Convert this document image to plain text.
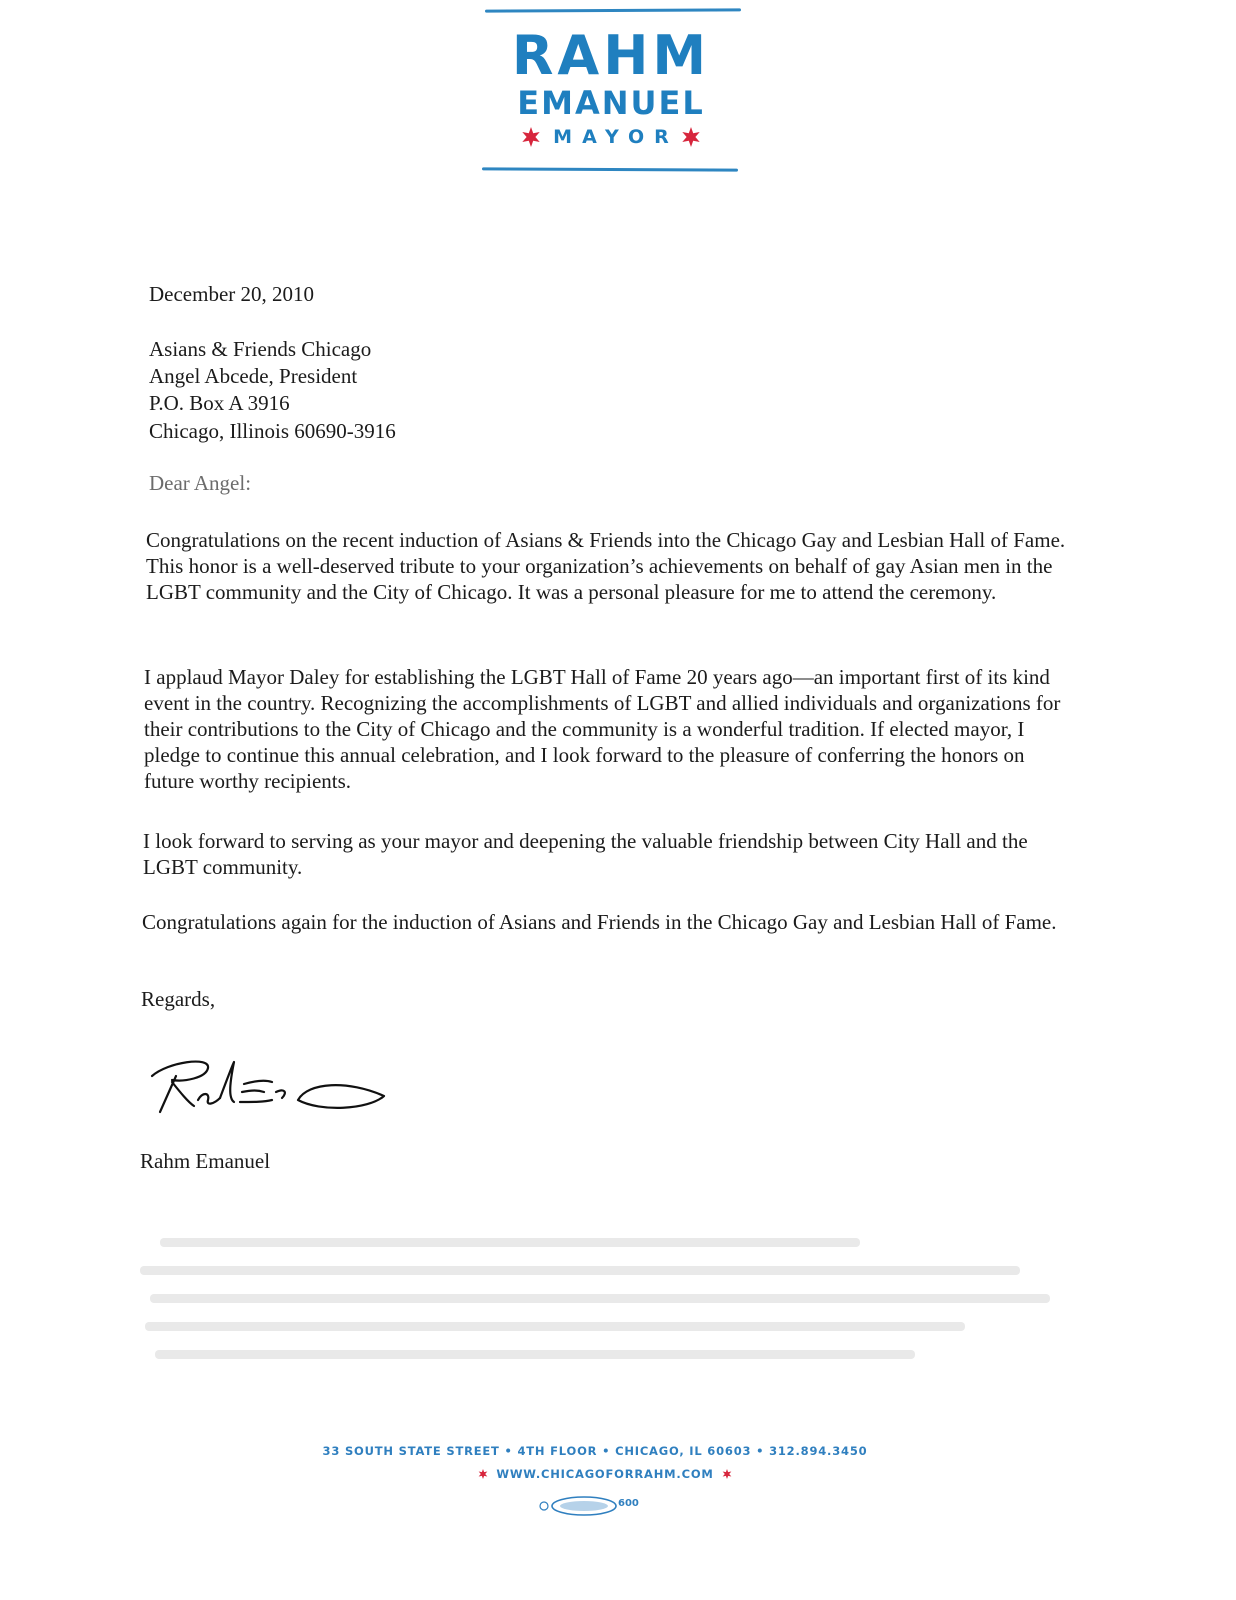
RAHM
EMANUEL
MAYOR
December 20, 2010
Asians & Friends Chicago
Angel Abcede, President
P.O. Box A 3916
Chicago, Illinois 60690-3916
Dear Angel:

Congratulations on the recent induction of Asians & Friends into the Chicago Gay and Lesbian Hall of Fame. This honor is a well-deserved tribute to your organization’s achievements on behalf of gay Asian men in the LGBT community and the City of Chicago. It was a personal pleasure for me to attend the ceremony.

I applaud Mayor Daley for establishing the LGBT Hall of Fame 20 years ago—an important first of its kind event in the country. Recognizing the accomplishments of LGBT and allied individuals and organizations for their contributions to the City of Chicago and the community is a wonderful tradition. If elected mayor, I pledge to continue this annual celebration, and I look forward to the pleasure of conferring the honors on future worthy recipients.

I look forward to serving as your mayor and deepening the valuable friendship between City Hall and the LGBT community.

Congratulations again for the induction of Asians and Friends in the Chicago Gay and Lesbian Hall of Fame.

Regards,
Rahm Emanuel
33 SOUTH STATE STREET • 4TH FLOOR • CHICAGO, IL 60603 • 312.894.3450
WWW.CHICAGOFORRAHM.COM
600
